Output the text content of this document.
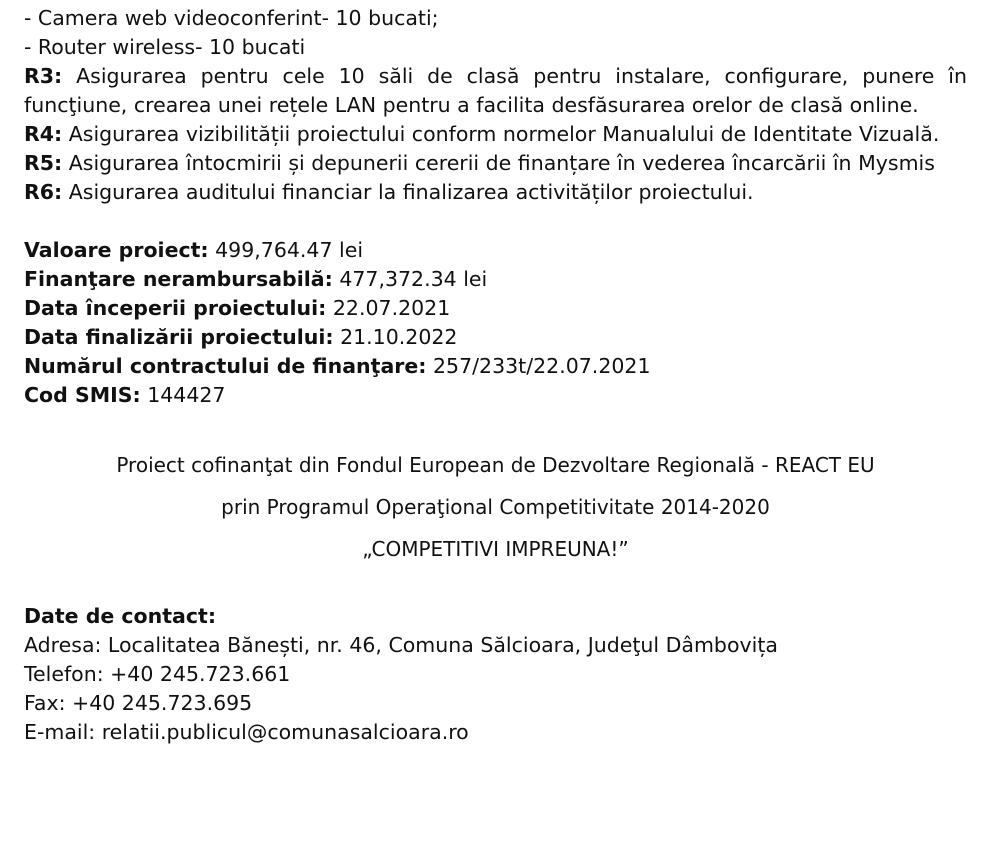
- Camera web videoconferint- 10 bucati;
- Router wireless- 10 bucati
R3: Asigurarea pentru cele 10 săli de clasă pentru instalare, configurare, punere în funcţiune, crearea unei rețele LAN pentru a facilita desfăsurarea orelor de clasă online.
R4: Asigurarea vizibilității proiectului conform normelor Manualului de Identitate Vizuală.
R5: Asigurarea întocmirii și depunerii cererii de finanțare în vederea încarcării în Mysmis
R6: Asigurarea auditului financiar la finalizarea activităților proiectului.
Valoare proiect: 499,764.47 lei
Finanţare nerambursabilă: 477,372.34 lei
Data începerii proiectului: 22.07.2021
Data finalizării proiectului: 21.10.2022
Numărul contractului de finanţare: 257/233t/22.07.2021
Cod SMIS: 144427
Proiect cofinanţat din Fondul European de Dezvoltare Regională - REACT EU
prin Programul Operaţional Competitivitate 2014-2020
„COMPETITIVI IMPREUNA!”
Date de contact:
Adresa: Localitatea Bănești, nr. 46, Comuna Sălcioara, Judeţul Dâmbovița
Telefon: +40 245.723.661
Fax: +40 245.723.695
E-mail: relatii.publicul@comunasalcioara.ro
